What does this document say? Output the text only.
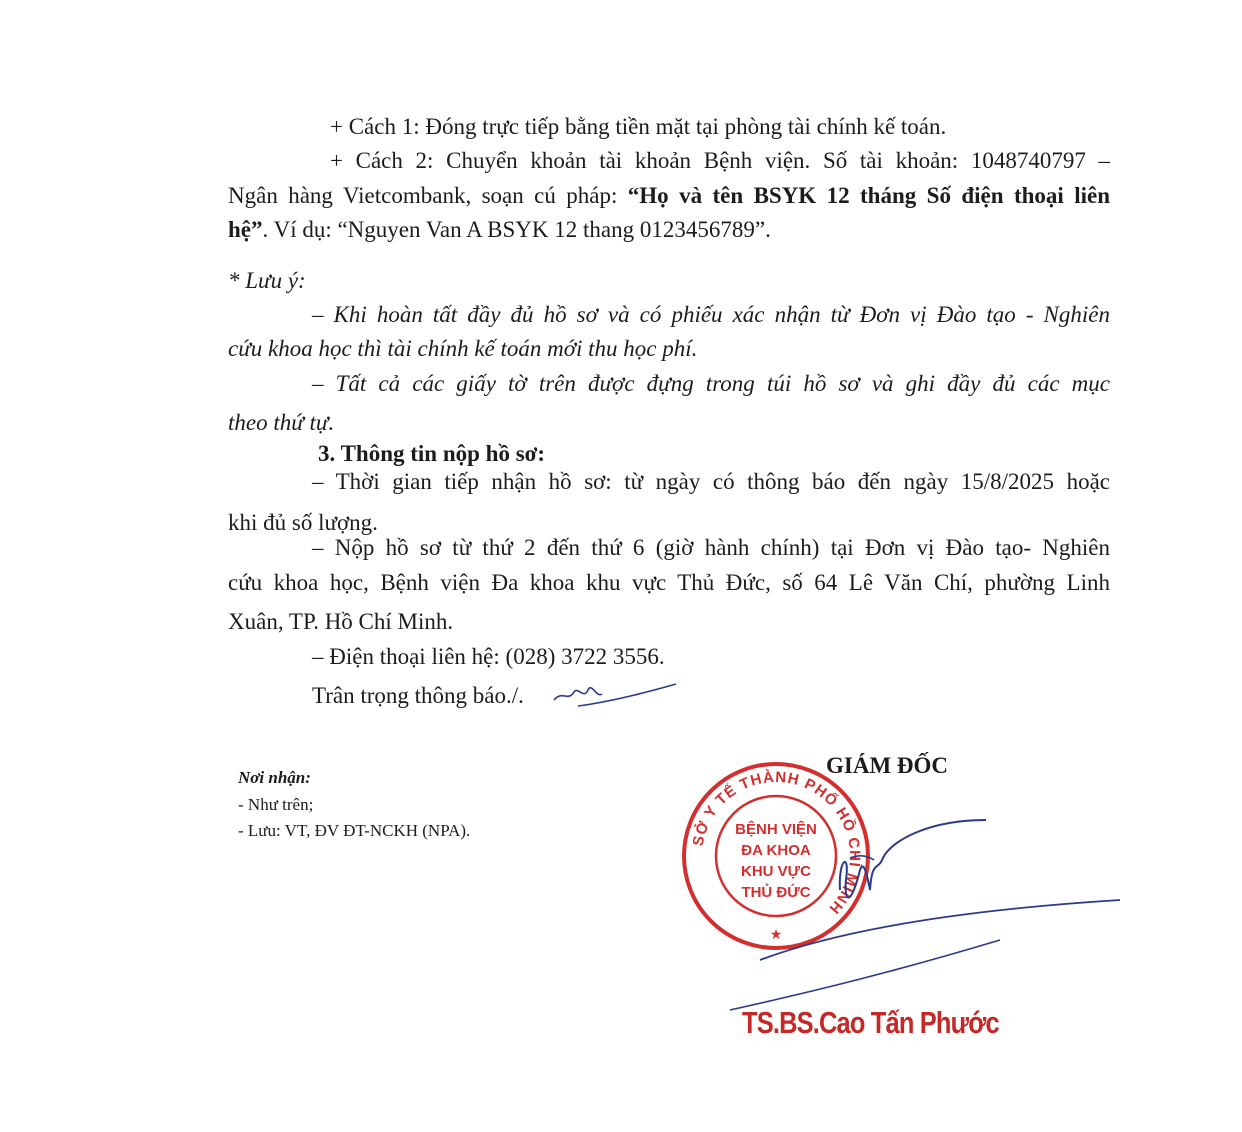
+ Cách 1: Đóng trực tiếp bằng tiền mặt tại phòng tài chính kế toán.
+ Cách 2: Chuyển khoản tài khoản Bệnh viện. Số tài khoản: 1048740797 –
Ngân hàng Vietcombank, soạn cú pháp: “Họ và tên BSYK 12 tháng Số điện thoại liên
hệ”. Ví dụ: “Nguyen Van A BSYK 12 thang 0123456789”.
* Lưu ý:
– Khi hoàn tất đầy đủ hồ sơ và có phiếu xác nhận từ Đơn vị Đào tạo - Nghiên
cứu khoa học thì tài chính kế toán mới thu học phí.
– Tất cả các giấy tờ trên được đựng trong túi hồ sơ và ghi đầy đủ các mục
theo thứ tự.
3. Thông tin nộp hồ sơ:
– Thời gian tiếp nhận hồ sơ: từ ngày có thông báo đến ngày 15/8/2025 hoặc
khi đủ số lượng.
– Nộp hồ sơ từ thứ 2 đến thứ 6 (giờ hành chính) tại Đơn vị Đào tạo- Nghiên
cứu khoa học, Bệnh viện Đa khoa khu vực Thủ Đức, số 64 Lê Văn Chí, phường Linh
Xuân, TP. Hồ Chí Minh.
– Điện thoại liên hệ: (028) 3722 3556.
Trân trọng thông báo./.
Nơi nhận:
- Như trên;
- Lưu: VT, ĐV ĐT-NCKH (NPA).
GIÁM ĐỐC
SỞ Y TẾ THÀNH PHỐ HỒ CHÍ MINH
BỆNH VIỆN
ĐA KHOA
KHU VỰC
THỦ ĐỨC
★
TS.BS.Cao Tấn Phước
